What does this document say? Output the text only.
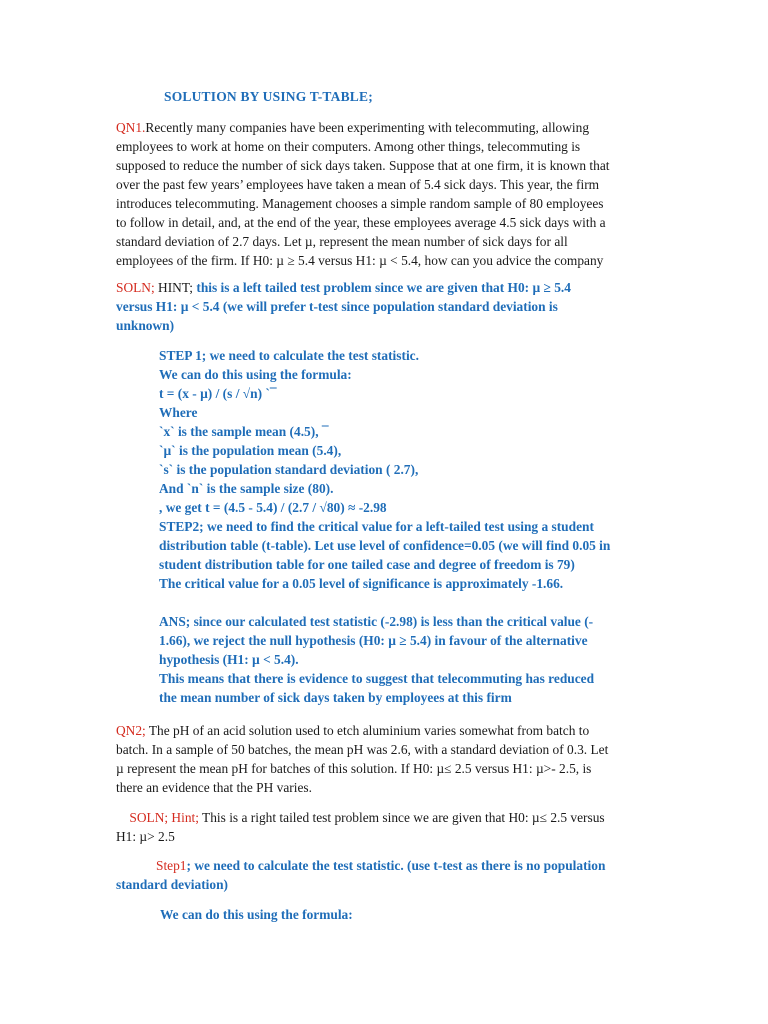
SOLUTION BY USING T-TABLE;
QN1.Recently many companies have been experimenting with telecommuting, allowing
employees to work at home on their computers. Among other things, telecommuting is
supposed to reduce the number of sick days taken. Suppose that at one firm, it is known that
over the past few years’ employees have taken a mean of 5.4 sick days. This year, the firm
introduces telecommuting. Management chooses a simple random sample of 80 employees
to follow in detail, and, at the end of the year, these employees average 4.5 sick days with a
standard deviation of 2.7 days. Let µ, represent the mean number of sick days for all
employees of the firm. If H0: µ ≥ 5.4 versus H1: µ < 5.4, how can you advice the company
SOLN; HINT; this is a left tailed test problem since we are given that H0: µ ≥ 5.4
versus H1: µ < 5.4 (we will prefer t-test since population standard deviation is
unknown)
STEP 1; we need to calculate the test statistic.
We can do this using the formula:
t = (x - µ) / (s / √n) `¯
Where
`x` is the sample mean (4.5), ¯
`µ` is the population mean (5.4),
`s` is the population standard deviation ( 2.7),
And `n` is the sample size (80).
, we get t = (4.5 - 5.4) / (2.7 / √80) ≈ -2.98
STEP2; we need to find the critical value for a left-tailed test using a student
distribution table (t-table). Let use level of confidence=0.05 (we will find 0.05 in
student distribution table for one tailed case and degree of freedom is 79)
The critical value for a 0.05 level of significance is approximately -1.66.
ANS; since our calculated test statistic (-2.98) is less than the critical value (-
1.66), we reject the null hypothesis (H0: µ ≥ 5.4) in favour of the alternative
hypothesis (H1: µ < 5.4).
This means that there is evidence to suggest that telecommuting has reduced
the mean number of sick days taken by employees at this firm
QN2; The pH of an acid solution used to etch aluminium varies somewhat from batch to
batch. In a sample of 50 batches, the mean pH was 2.6, with a standard deviation of 0.3. Let
µ represent the mean pH for batches of this solution. If H0: µ≤ 2.5 versus H1: µ>- 2.5, is
there an evidence that the PH varies.
SOLN; Hint; This is a right tailed test problem since we are given that H0: µ≤ 2.5 versus
H1: µ> 2.5
Step1; we need to calculate the test statistic. (use t-test as there is no population
standard deviation)
We can do this using the formula:
